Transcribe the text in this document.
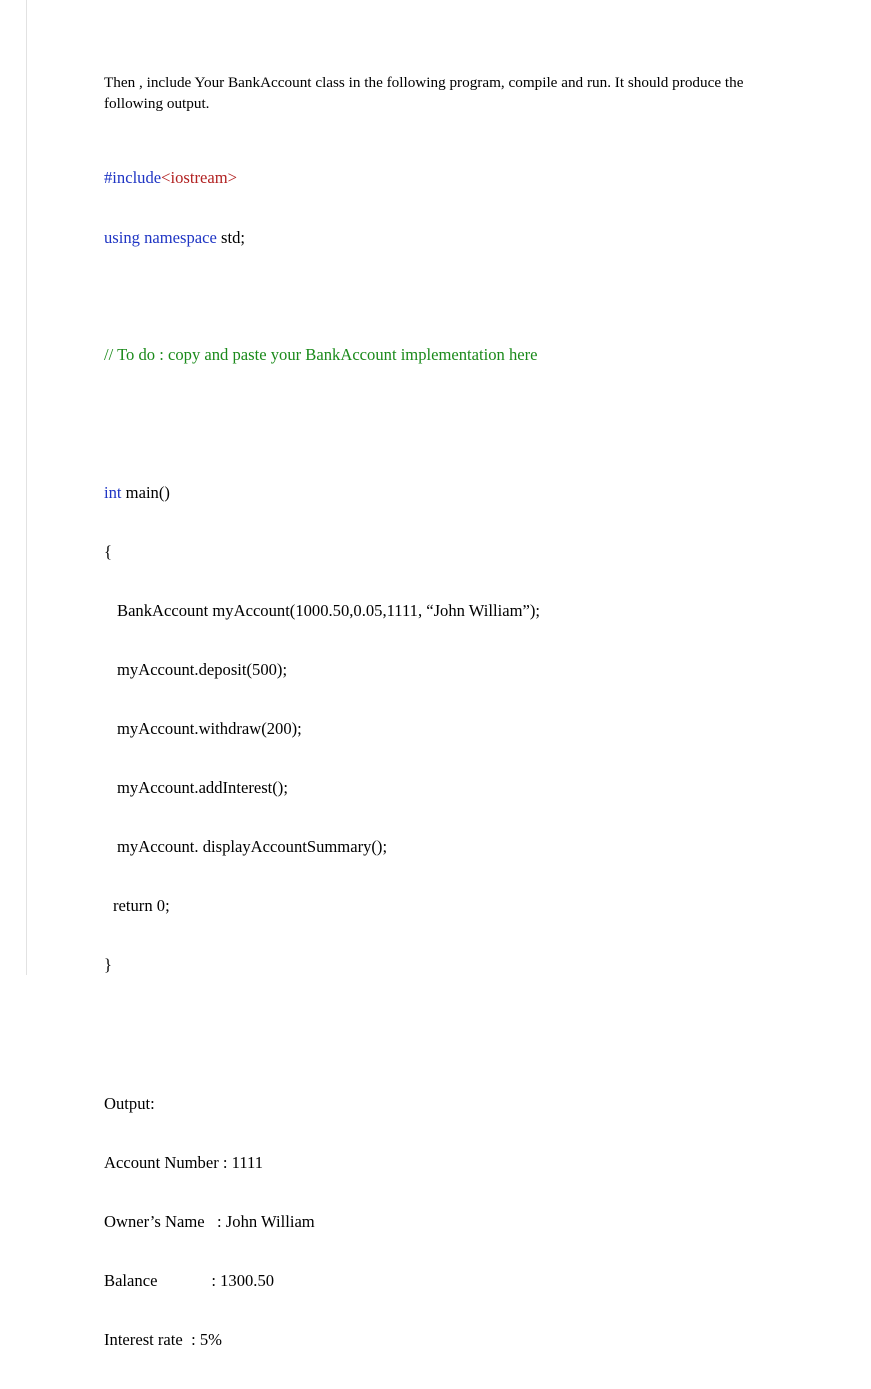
Then , include Your BankAccount class in the following program, compile and run. It should produce the following output.

#include<iostream>

using namespace std;

// To do : copy and paste your BankAccount implementation here

int main()

{

BankAccount myAccount(1000.50,0.05,1111, “John William”);

myAccount.deposit(500);

myAccount.withdraw(200);

myAccount.addInterest();

myAccount. displayAccountSummary();

return 0;

}

Output:

Account Number : 1111

Owner’s Name   : John William

Balance             : 1300.50

Interest rate  : 5%
